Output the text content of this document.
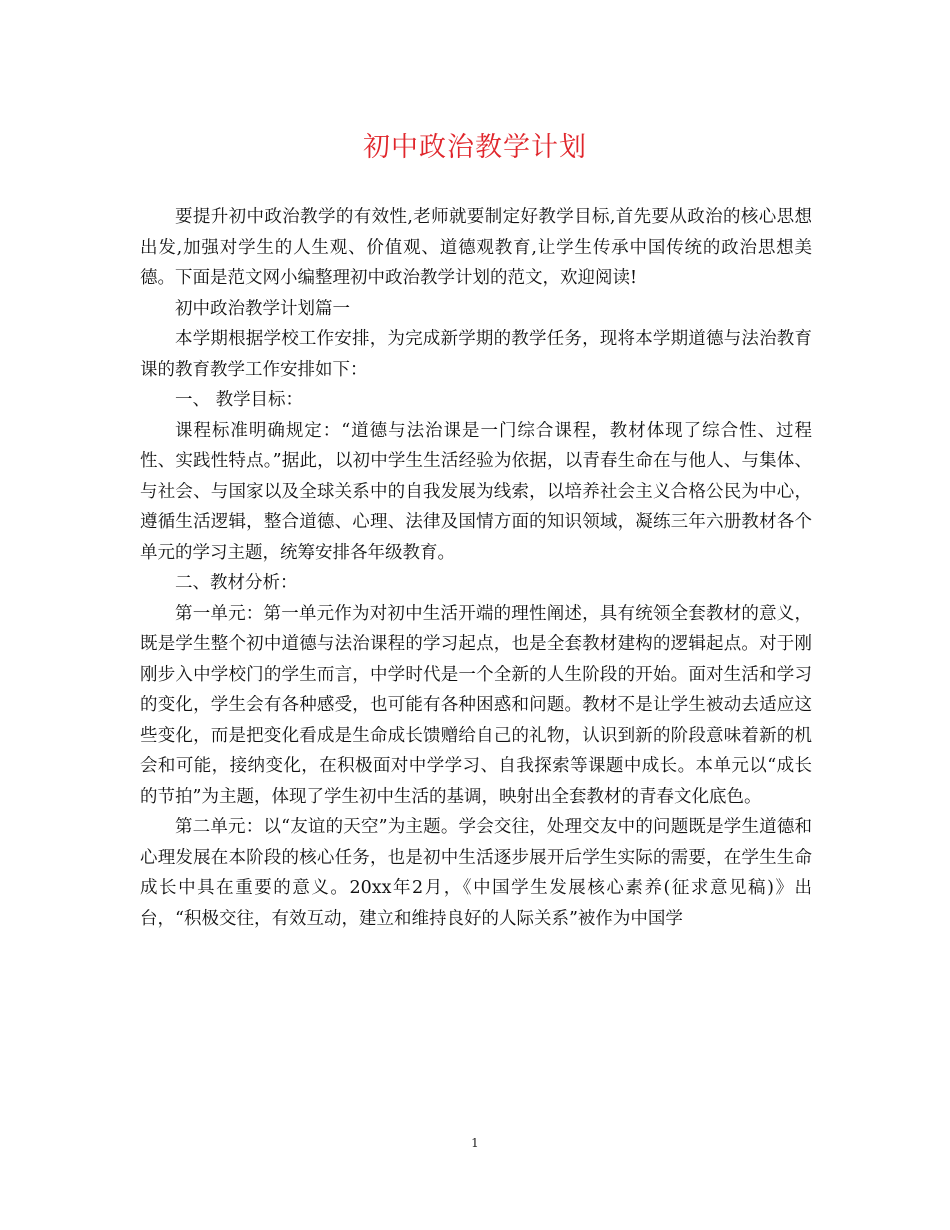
初中政治教学计划

要提升初中政治教学的有效性,老师就要制定好教学目标,首先要从政治的核心思想出发,加强对学生的人生观、价值观、道德观教育,让学生传承中国传统的政治思想美德。下面是范文网小编整理初中政治教学计划的范文，欢迎阅读!

初中政治教学计划篇一

本学期根据学校工作安排，为完成新学期的教学任务，现将本学期道德与法治教育课的教育教学工作安排如下：

一、 教学目标：

课程标准明确规定：“道德与法治课是一门综合课程，教材体现了综合性、过程性、实践性特点。”据此，以初中学生生活经验为依据，以青春生命在与他人、与集体、与社会、与国家以及全球关系中的自我发展为线索，以培养社会主义合格公民为中心，遵循生活逻辑，整合道德、心理、法律及国情方面的知识领域，凝练三年六册教材各个单元的学习主题，统筹安排各年级教育。

二、教材分析：

第一单元：第一单元作为对初中生活开端的理性阐述，具有统领全套教材的意义，既是学生整个初中道德与法治课程的学习起点，也是全套教材建构的逻辑起点。对于刚刚步入中学校门的学生而言，中学时代是一个全新的人生阶段的开始。面对生活和学习的变化，学生会有各种感受，也可能有各种困惑和问题。教材不是让学生被动去适应这些变化，而是把变化看成是生命成长馈赠给自己的礼物，认识到新的阶段意味着新的机会和可能，接纳变化，在积极面对中学学习、自我探索等课题中成长。本单元以“成长的节拍”为主题，体现了学生初中生活的基调，映射出全套教材的青春文化底色。

第二单元：以“友谊的天空”为主题。学会交往，处理交友中的问题既是学生道德和心理发展在本阶段的核心任务，也是初中生活逐步展开后学生实际的需要，在学生生命成长中具在重要的意义。20xx年2月，《中国学生发展核心素养(征求意见稿)》出台，“积极交往，有效互动，建立和维持良好的人际关系”被作为中国学

1
